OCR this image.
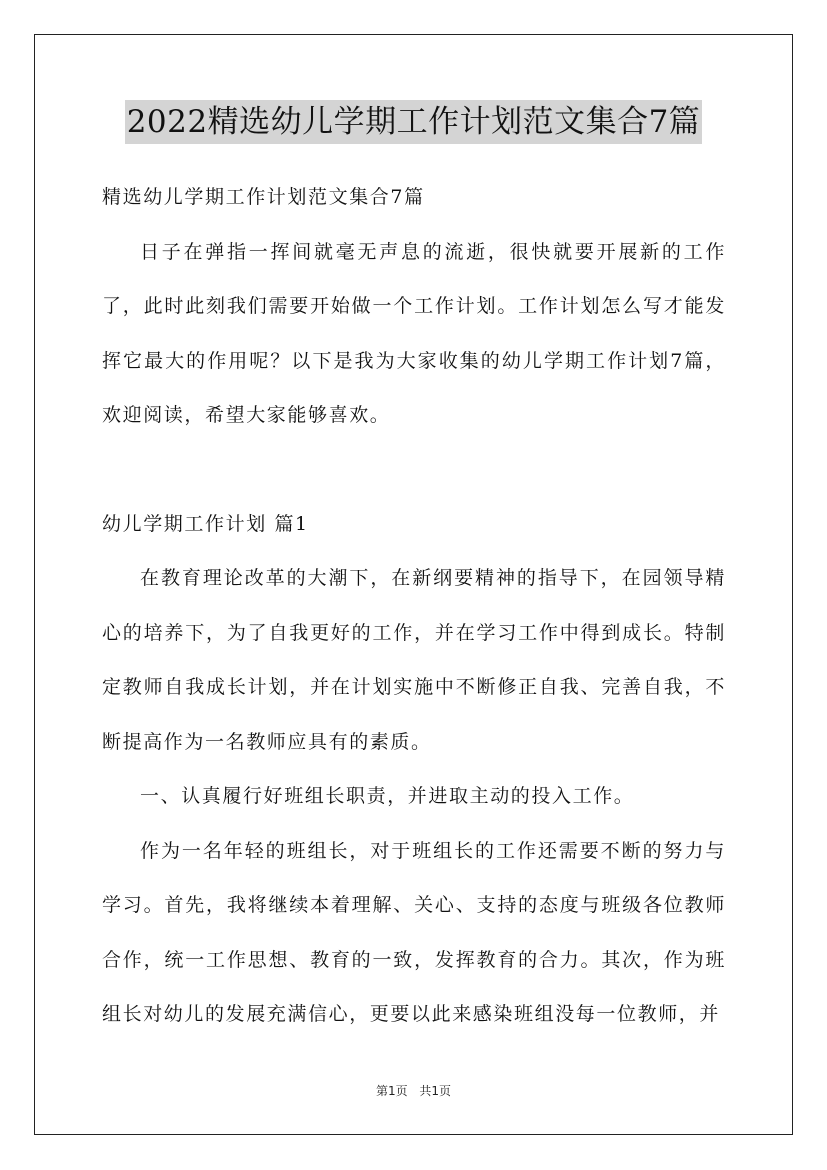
2022精选幼儿学期工作计划范文集合7篇

精选幼儿学期工作计划范文集合7篇

日子在弹指一挥间就毫无声息的流逝，很快就要开展新的工作了，此时此刻我们需要开始做一个工作计划。工作计划怎么写才能发挥它最大的作用呢？以下是我为大家收集的幼儿学期工作计划7篇，欢迎阅读，希望大家能够喜欢。

幼儿学期工作计划 篇1

在教育理论改革的大潮下，在新纲要精神的指导下，在园领导精心的培养下，为了自我更好的工作，并在学习工作中得到成长。特制定教师自我成长计划，并在计划实施中不断修正自我、完善自我，不断提高作为一名教师应具有的素质。

一、认真履行好班组长职责，并进取主动的投入工作。

作为一名年轻的班组长，对于班组长的工作还需要不断的努力与学习。首先，我将继续本着理解、关心、支持的态度与班级各位教师合作，统一工作思想、教育的一致，发挥教育的合力。其次，作为班组长对幼儿的发展充满信心，更要以此来感染班组没每一位教师，并

第1页 共1页
